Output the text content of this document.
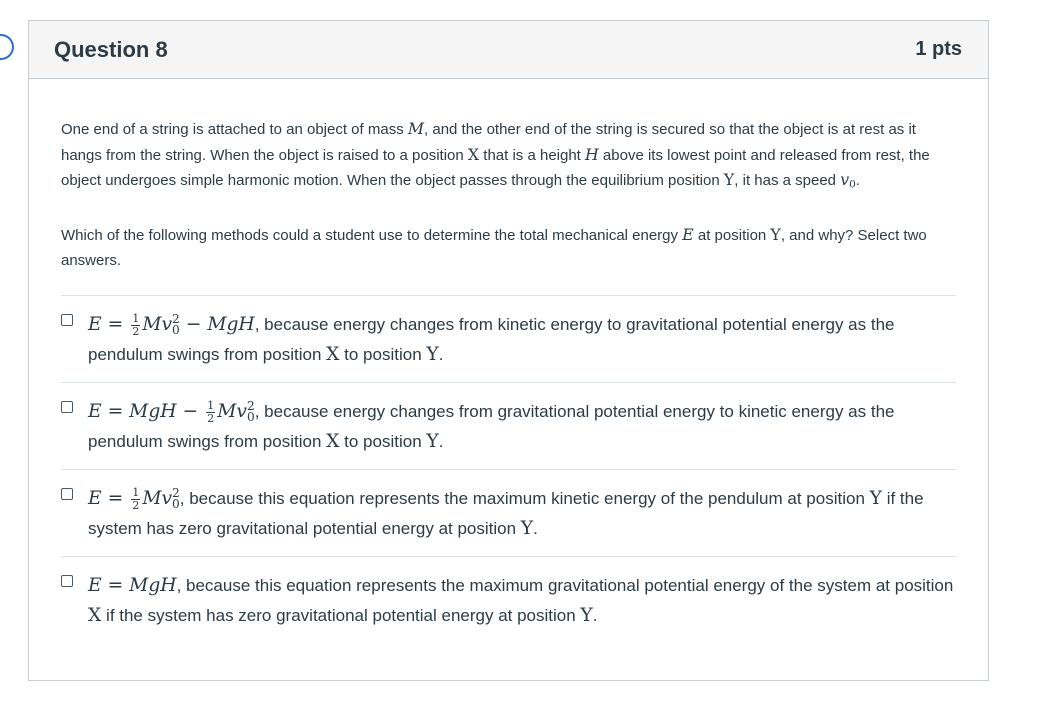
Question 8	1 pts

One end of a string is attached to an object of mass M, and the other end of the string is secured so that the object is at rest as it hangs from the string. When the object is raised to a position X that is a height H above its lowest point and released from rest, the object undergoes simple harmonic motion. When the object passes through the equilibrium position Y, it has a speed $v_0$.

Which of the following methods could a student use to determine the total mechanical energy E at position Y, and why? Select two answers.

$E = \frac{1}{2}$ Mv 2
0 − MgH, because energy changes from kinetic energy to gravitational potential energy as the pendulum swings from position X to position Y.
E = MgH − $\frac{1}{2}$ Mv 2
0 , because energy changes from gravitational potential energy to kinetic energy as the pendulum swings from position X to position Y.
$E = \frac{1}{2}$ Mv 2
0 , because this equation represents the maximum kinetic energy of the pendulum at position Y if the system has zero gravitational potential energy at position Y.
E = MgH, because this equation represents the maximum gravitational potential energy of the system at position X if the system has zero gravitational potential energy at position Y.
